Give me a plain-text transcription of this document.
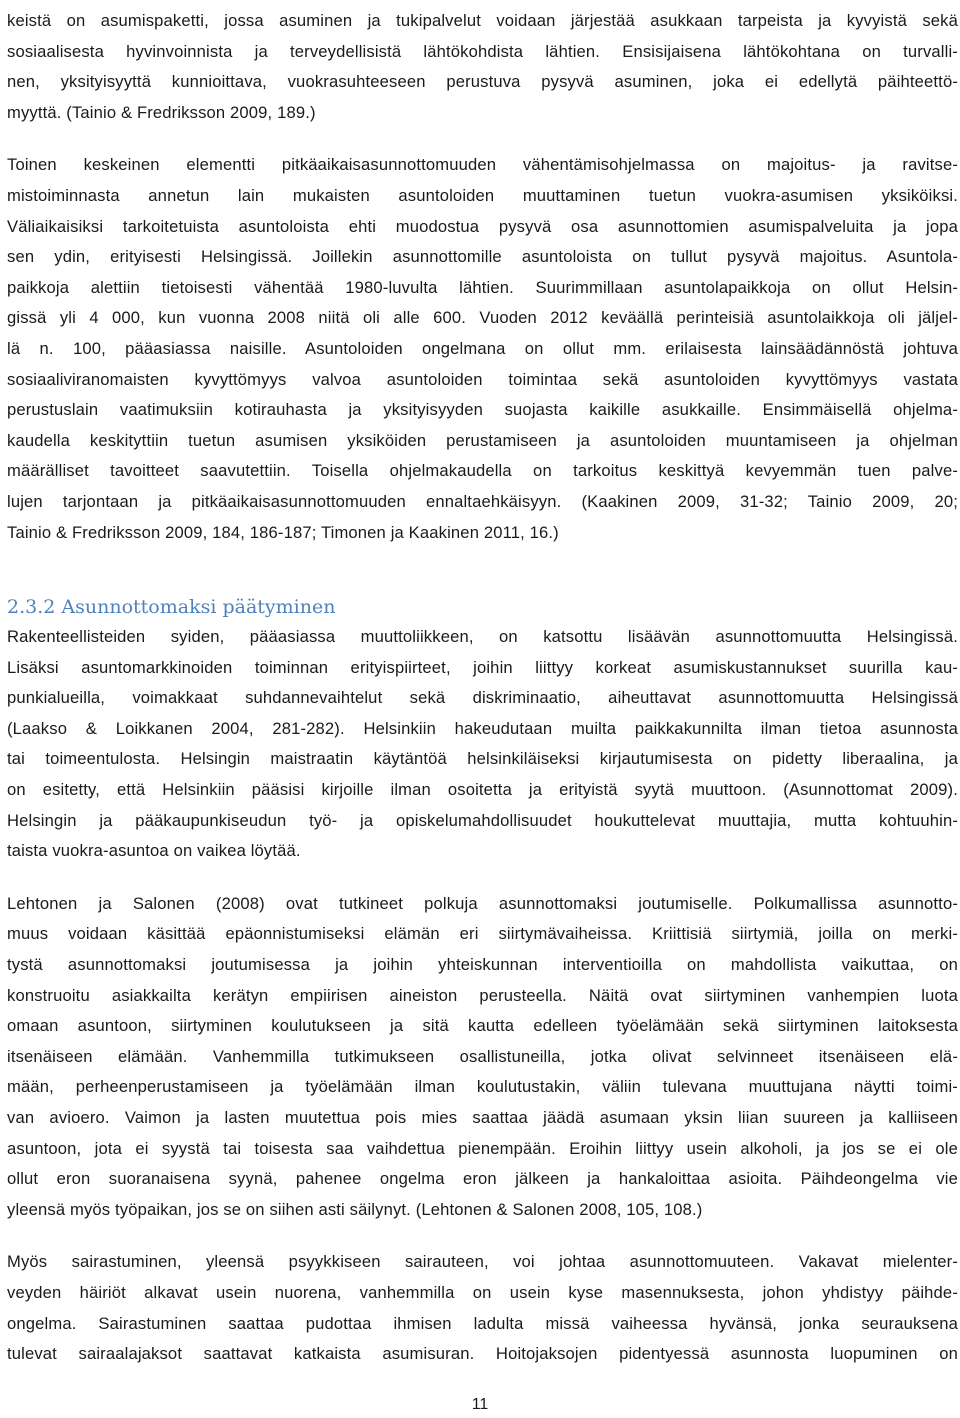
keistä on asumispaketti, jossa asuminen ja tukipalvelut voidaan järjestää asukkaan tarpeista ja kyvyistä sekä
sosiaalisesta hyvinvoinnista ja terveydellisistä lähtökohdista lähtien. Ensisijaisena lähtökohtana on turvalli-
nen, yksityisyyttä kunnioittava, vuokrasuhteeseen perustuva pysyvä asuminen, joka ei edellytä päihteettö-
myyttä. (Tainio & Fredriksson 2009, 189.)
Toinen keskeinen elementti pitkäaikaisasunnottomuuden vähentämisohjelmassa on majoitus- ja ravitse-
mistoiminnasta annetun lain mukaisten asuntoloiden muuttaminen tuetun vuokra-asumisen yksiköiksi.
Väliaikaisiksi tarkoitetuista asuntoloista ehti muodostua pysyvä osa asunnottomien asumispalveluita ja jopa
sen ydin, erityisesti Helsingissä. Joillekin asunnottomille asuntoloista on tullut pysyvä majoitus. Asuntola-
paikkoja alettiin tietoisesti vähentää 1980-luvulta lähtien. Suurimmillaan asuntolapaikkoja on ollut Helsin-
gissä yli 4 000, kun vuonna 2008 niitä oli alle 600. Vuoden 2012 keväällä perinteisiä asuntolaikkoja oli jäljel-
lä n. 100, pääasiassa naisille. Asuntoloiden ongelmana on ollut mm. erilaisesta lainsäädännöstä johtuva
sosiaaliviranomaisten kyvyttömyys valvoa asuntoloiden toimintaa sekä asuntoloiden kyvyttömyys vastata
perustuslain vaatimuksiin kotirauhasta ja yksityisyyden suojasta kaikille asukkaille. Ensimmäisellä ohjelma-
kaudella keskityttiin tuetun asumisen yksiköiden perustamiseen ja asuntoloiden muuntamiseen ja ohjelman
määrälliset tavoitteet saavutettiin. Toisella ohjelmakaudella on tarkoitus keskittyä kevyemmän tuen palve-
lujen tarjontaan ja pitkäaikaisasunnottomuuden ennaltaehkäisyyn. (Kaakinen 2009, 31-32; Tainio 2009, 20;
Tainio & Fredriksson 2009, 184, 186-187; Timonen ja Kaakinen 2011, 16.)
2.3.2 Asunnottomaksi päätyminen
Rakenteellisteiden syiden, pääasiassa muuttoliikkeen, on katsottu lisäävän asunnottomuutta Helsingissä.
Lisäksi asuntomarkkinoiden toiminnan erityispiirteet, joihin liittyy korkeat asumiskustannukset suurilla kau-
punkialueilla, voimakkaat suhdannevaihtelut sekä diskriminaatio, aiheuttavat asunnottomuutta Helsingissä
(Laakso & Loikkanen 2004, 281-282). Helsinkiin hakeudutaan muilta paikkakunnilta ilman tietoa asunnosta
tai toimeentulosta. Helsingin maistraatin käytäntöä helsinkiläiseksi kirjautumisesta on pidetty liberaalina, ja
on esitetty, että Helsinkiin pääsisi kirjoille ilman osoitetta ja erityistä syytä muuttoon. (Asunnottomat 2009).
Helsingin ja pääkaupunkiseudun työ- ja opiskelumahdollisuudet houkuttelevat muuttajia, mutta kohtuuhin-
taista vuokra-asuntoa on vaikea löytää.
Lehtonen ja Salonen (2008) ovat tutkineet polkuja asunnottomaksi joutumiselle. Polkumallissa asunnotto-
muus voidaan käsittää epäonnistumiseksi elämän eri siirtymävaiheissa. Kriittisiä siirtymiä, joilla on merki-
tystä asunnottomaksi joutumisessa ja joihin yhteiskunnan interventioilla on mahdollista vaikuttaa, on
konstruoitu asiakkailta kerätyn empiirisen aineiston perusteella. Näitä ovat siirtyminen vanhempien luota
omaan asuntoon, siirtyminen koulutukseen ja sitä kautta edelleen työelämään sekä siirtyminen laitoksesta
itsenäiseen elämään. Vanhemmilla tutkimukseen osallistuneilla, jotka olivat selvinneet itsenäiseen elä-
mään, perheenperustamiseen ja työelämään ilman koulutustakin, väliin tulevana muuttujana näytti toimi-
van avioero. Vaimon ja lasten muutettua pois mies saattaa jäädä asumaan yksin liian suureen ja kalliiseen
asuntoon, jota ei syystä tai toisesta saa vaihdettua pienempään. Eroihin liittyy usein alkoholi, ja jos se ei ole
ollut eron suoranaisena syynä, pahenee ongelma eron jälkeen ja hankaloittaa asioita. Päihdeongelma vie
yleensä myös työpaikan, jos se on siihen asti säilynyt. (Lehtonen & Salonen 2008, 105, 108.)
Myös sairastuminen, yleensä psyykkiseen sairauteen, voi johtaa asunnottomuuteen. Vakavat mielenter-
veyden häiriöt alkavat usein nuorena, vanhemmilla on usein kyse masennuksesta, johon yhdistyy päihde-
ongelma. Sairastuminen saattaa pudottaa ihmisen ladulta missä vaiheessa hyvänsä, jonka seurauksena
tulevat sairaalajaksot saattavat katkaista asumisuran. Hoitojaksojen pidentyessä asunnosta luopuminen on
11
